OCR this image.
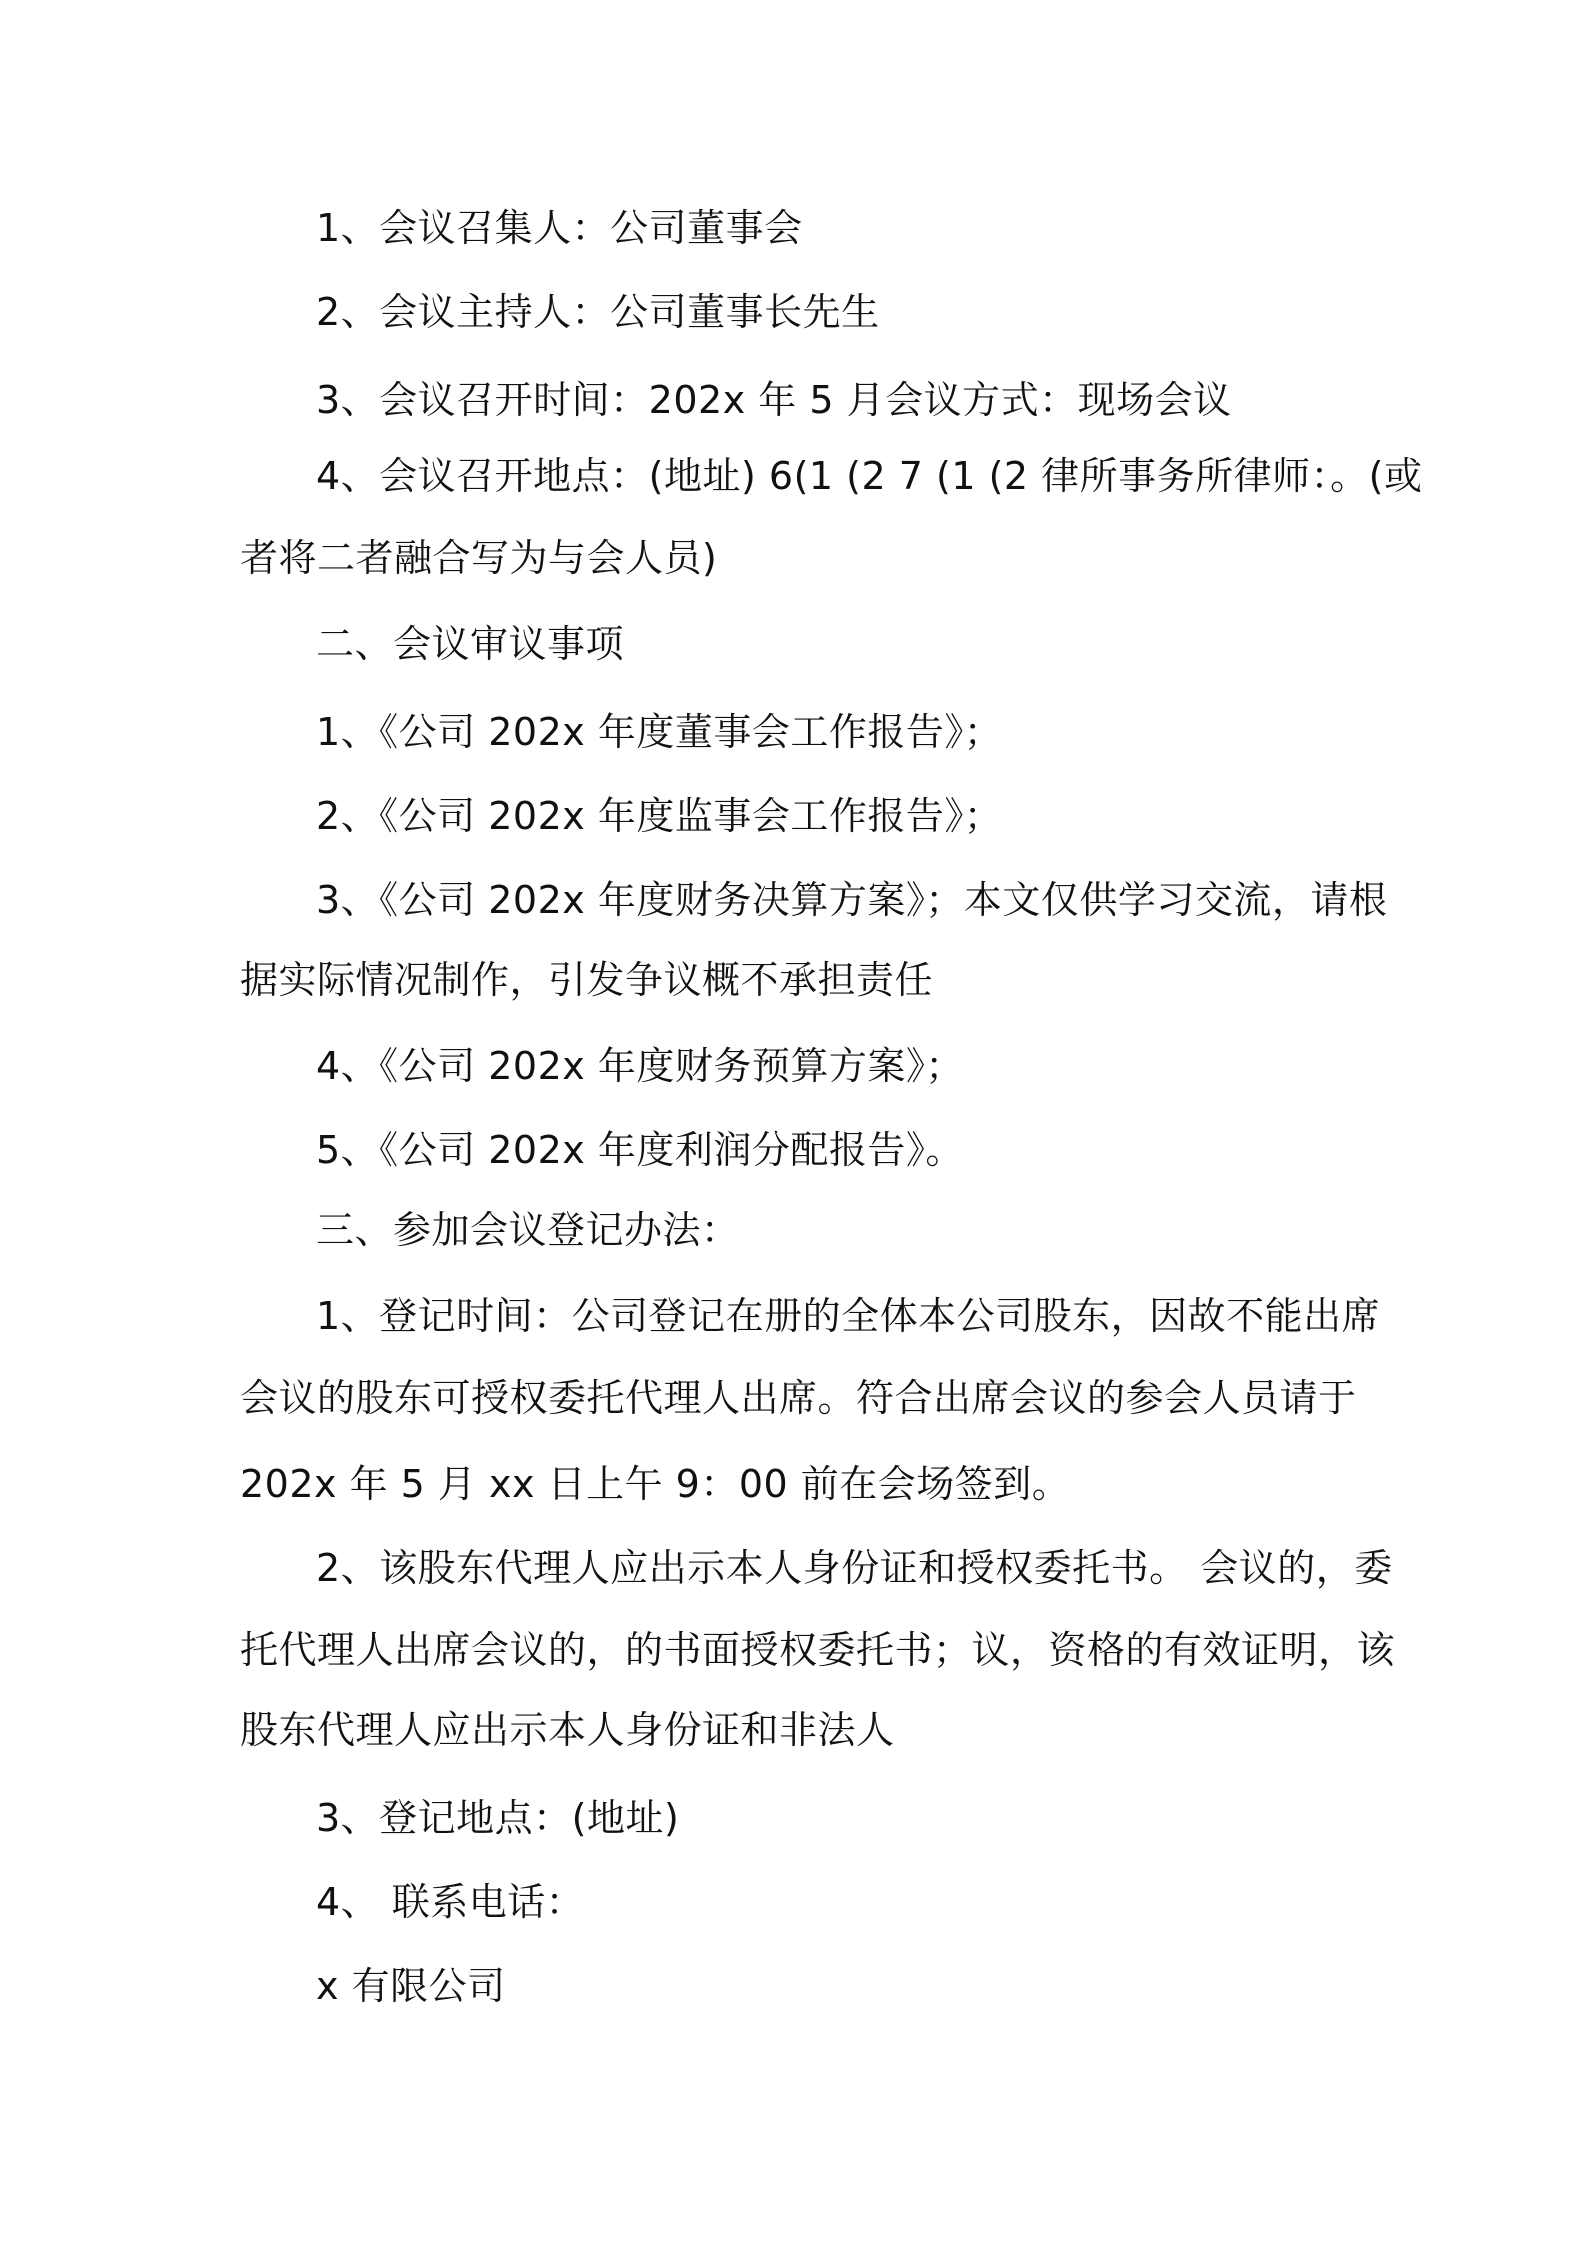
1、会议召集人：公司董事会

2、会议主持人：公司董事长先生

3、会议召开时间：202x 年 5 月会议方式：现场会议

4、会议召开地点：(地址) 6(1 (2 7 (1 (2 律所事务所律师：。(或

者将二者融合写为与会人员)

二、会议审议事项

1、《公司 202x 年度董事会工作报告》；

2、《公司 202x 年度监事会工作报告》；

3、《公司 202x 年度财务决算方案》；本文仅供学习交流，请根

据实际情况制作，引发争议概不承担责任

4、《公司 202x 年度财务预算方案》；

5、《公司 202x 年度利润分配报告》。

三、参加会议登记办法：

1、登记时间：公司登记在册的全体本公司股东，因故不能出席

会议的股东可授权委托代理人出席。符合出席会议的参会人员请于

202x 年 5 月 xx 日上午 9：00 前在会场签到。

2、该股东代理人应出示本人身份证和授权委托书。 会议的，委

托代理人出席会议的，的书面授权委托书；议，资格的有效证明，该

股东代理人应出示本人身份证和非法人

3、登记地点：(地址)

4、 联系电话：

x 有限公司
